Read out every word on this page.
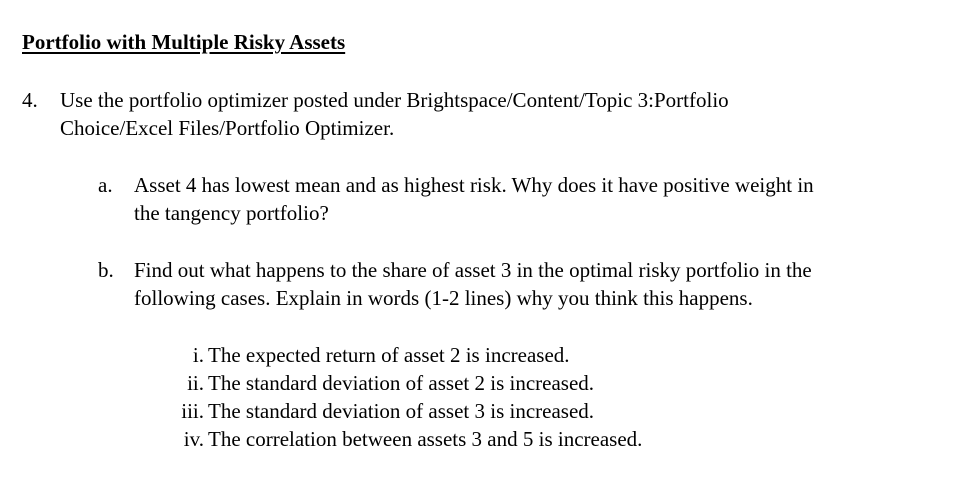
Portfolio with Multiple Risky Assets
4. Use the portfolio optimizer posted under Brightspace/Content/Topic 3:Portfolio
Choice/Excel Files/Portfolio Optimizer.
a. Asset 4 has lowest mean and as highest risk. Why does it have positive weight in
the tangency portfolio?
b. Find out what happens to the share of asset 3 in the optimal risky portfolio in the
following cases. Explain in words (1-2 lines) why you think this happens.
i. The expected return of asset 2 is increased.
ii. The standard deviation of asset 2 is increased.
iii. The standard deviation of asset 3 is increased.
iv. The correlation between assets 3 and 5 is increased.
